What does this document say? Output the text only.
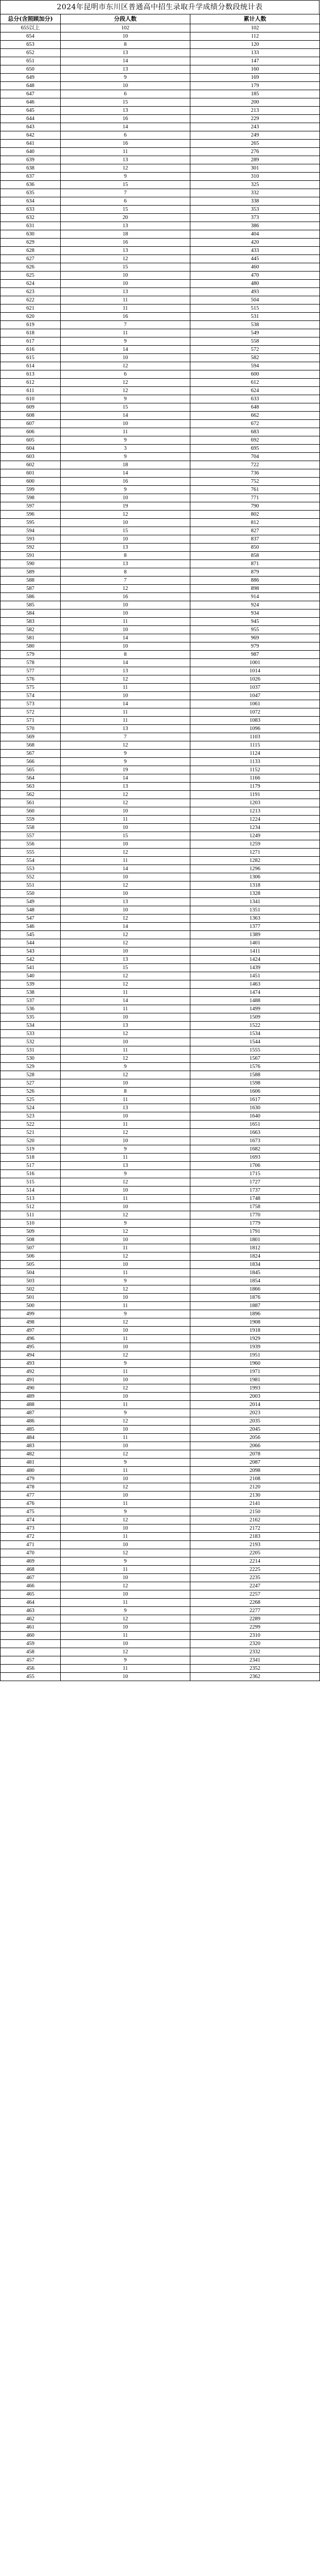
2024年昆明市东川区普通高中招生录取升学成绩分数段统计表
总分(含照顾加分)	分段人数	累计人数
655以上	102	102
654	10	112
653	8	120
652	13	133
651	14	147
650	13	160
649	9	169
648	10	179
647	6	185
646	15	200
645	13	213
644	16	229
643	14	243
642	6	249
641	16	265
640	11	276
639	13	289
638	12	301
637	9	310
636	15	325
635	7	332
634	6	338
633	15	353
632	20	373
631	13	386
630	18	404
629	16	420
628	13	433
627	12	445
626	15	460
625	10	470
624	10	480
623	13	493
622	11	504
621	11	515
620	16	531
619	7	538
618	11	549
617	9	558
616	14	572
615	10	582
614	12	594
613	6	600
612	12	612
611	12	624
610	9	633
609	15	648
608	14	662
607	10	672
606	11	683
605	9	692
604	3	695
603	9	704
602	18	722
601	14	736
600	16	752
599	9	761
598	10	771
597	19	790
596	12	802
595	10	812
594	15	827
593	10	837
592	13	850
591	8	858
590	13	871
589	8	879
588	7	886
587	12	898
586	16	914
585	10	924
584	10	934
583	11	945
582	10	955
581	14	969
580	10	979
579	8	987
578	14	1001
577	13	1014
576	12	1026
575	11	1037
574	10	1047
573	14	1061
572	11	1072
571	11	1083
570	13	1096
569	7	1103
568	12	1115
567	9	1124
566	9	1133
565	19	1152
564	14	1166
563	13	1179
562	12	1191
561	12	1203
560	10	1213
559	11	1224
558	10	1234
557	15	1249
556	10	1259
555	12	1271
554	11	1282
553	14	1296
552	10	1306
551	12	1318
550	10	1328
549	13	1341
548	10	1351
547	12	1363
546	14	1377
545	12	1389
544	12	1401
543	10	1411
542	13	1424
541	15	1439
540	12	1451
539	12	1463
538	11	1474
537	14	1488
536	11	1499
535	10	1509
534	13	1522
533	12	1534
532	10	1544
531	11	1555
530	12	1567
529	9	1576
528	12	1588
527	10	1598
526	8	1606
525	11	1617
524	13	1630
523	10	1640
522	11	1651
521	12	1663
520	10	1673
519	9	1682
518	11	1693
517	13	1706
516	9	1715
515	12	1727
514	10	1737
513	11	1748
512	10	1758
511	12	1770
510	9	1779
509	12	1791
508	10	1801
507	11	1812
506	12	1824
505	10	1834
504	11	1845
503	9	1854
502	12	1866
501	10	1876
500	11	1887
499	9	1896
498	12	1908
497	10	1918
496	11	1929
495	10	1939
494	12	1951
493	9	1960
492	11	1971
491	10	1981
490	12	1993
489	10	2003
488	11	2014
487	9	2023
486	12	2035
485	10	2045
484	11	2056
483	10	2066
482	12	2078
481	9	2087
480	11	2098
479	10	2108
478	12	2120
477	10	2130
476	11	2141
475	9	2150
474	12	2162
473	10	2172
472	11	2183
471	10	2193
470	12	2205
469	9	2214
468	11	2225
467	10	2235
466	12	2247
465	10	2257
464	11	2268
463	9	2277
462	12	2289
461	10	2299
460	11	2310
459	10	2320
458	12	2332
457	9	2341
456	11	2352
455	10	2362
